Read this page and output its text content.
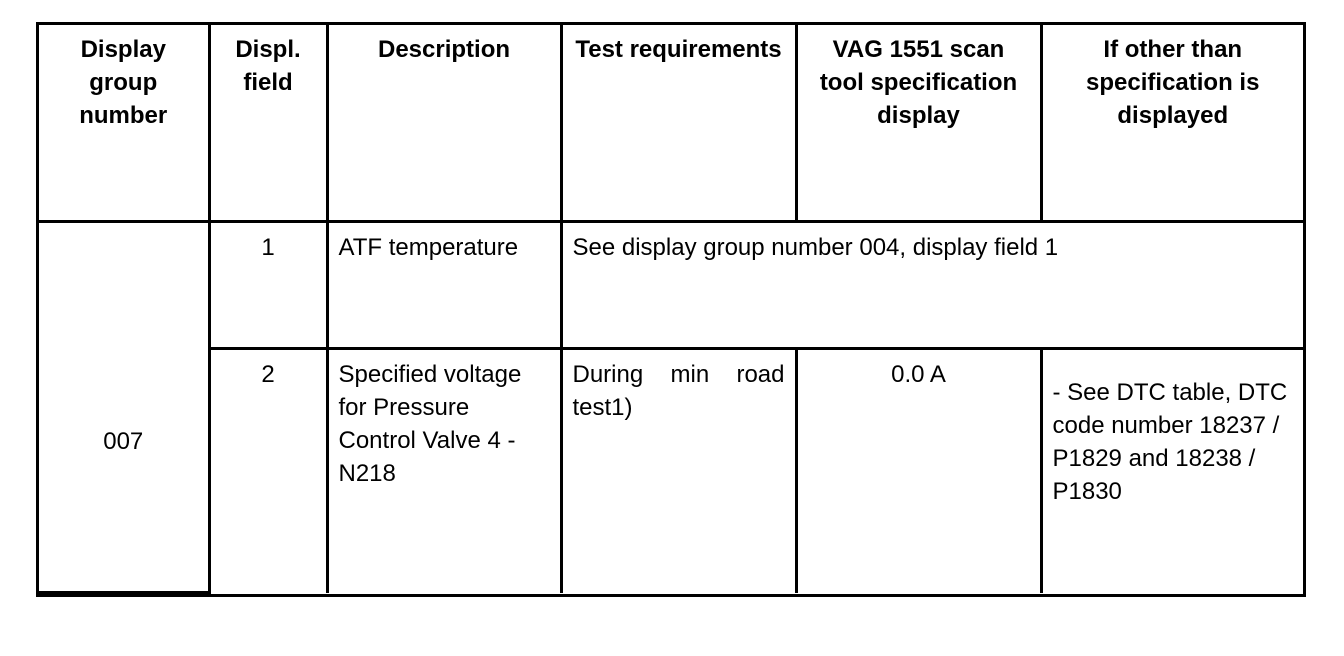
Display group number	Displ. field	Description	Test requirements	VAG 1551 scan tool specification display	If other than specification is displayed
007	1	ATF temperature	See display group number 004, display field 1		
	2	Specified voltage for Pressure Control Valve 4 - N218	During min road test1)	0.0 A	- See DTC table, DTC code number 18237 / P1829 and 18238 / P1830
